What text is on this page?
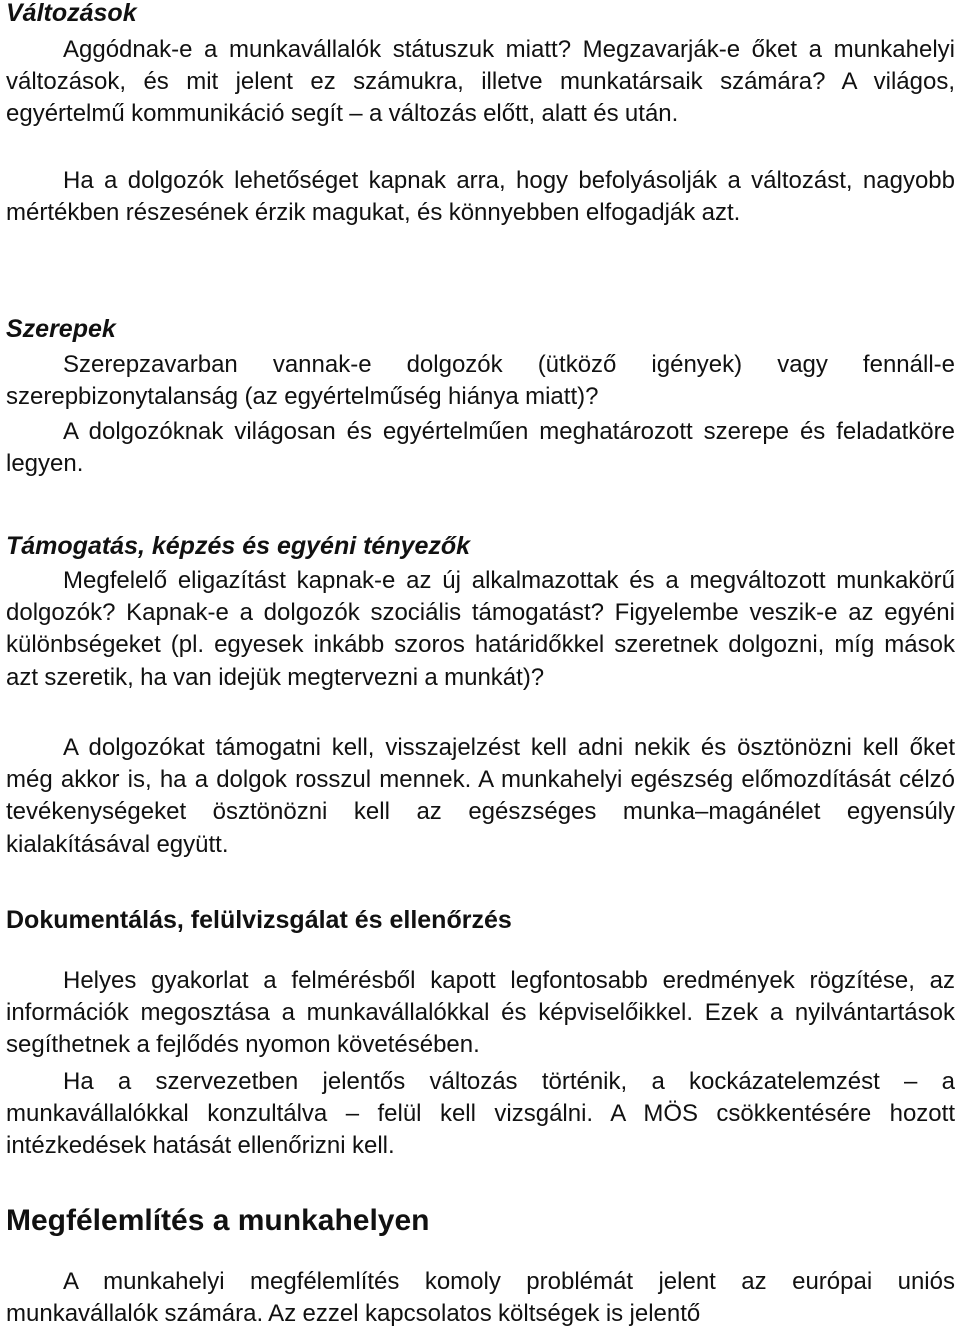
Változások
Aggódnak-e a munkavállalók státuszuk miatt? Megzavarják-e őket a munkahelyi változások, és mit jelent ez számukra, illetve munkatársaik számára? A világos, egyértelmű kommunikáció segít – a változás előtt, alatt és után.
Ha a dolgozók lehetőséget kapnak arra, hogy befolyásolják a változást, nagyobb mértékben részesének érzik magukat, és könnyebben elfogadják azt.
Szerepek
Szerepzavarban vannak-e dolgozók (ütköző igények) vagy fennáll-e szerepbizonytalanság (az egyértelműség hiánya miatt)?
A dolgozóknak világosan és egyértelműen meghatározott szerepe és feladatköre legyen.
Támogatás, képzés és egyéni tényezők
Megfelelő eligazítást kapnak-e az új alkalmazottak és a megváltozott munkakörű dolgozók? Kapnak-e a dolgozók szociális támogatást? Figyelembe veszik-e az egyéni különbségeket (pl. egyesek inkább szoros határidőkkel szeretnek dolgozni, míg mások azt szeretik, ha van idejük megtervezni a munkát)?
A dolgozókat támogatni kell, visszajelzést kell adni nekik és ösztönözni kell őket még akkor is, ha a dolgok rosszul mennek. A munkahelyi egészség előmozdítását célzó tevékenységeket ösztönözni kell az egészséges munka–magánélet egyensúly kialakításával együtt.
Dokumentálás, felülvizsgálat és ellenőrzés
Helyes gyakorlat a felmérésből kapott legfontosabb eredmények rögzítése, az információk megosztása a munkavállalókkal és képviselőikkel. Ezek a nyilvántartások segíthetnek a fejlődés nyomon követésében.
Ha a szervezetben jelentős változás történik, a kockázatelemzést – a munkavállalókkal konzultálva – felül kell vizsgálni. A MÖS csökkentésére hozott intézkedések hatását ellenőrizni kell.
Megfélemlítés a munkahelyen
A munkahelyi megfélemlítés komoly problémát jelent az európai uniós munkavállalók számára. Az ezzel kapcsolatos költségek is jelentő
